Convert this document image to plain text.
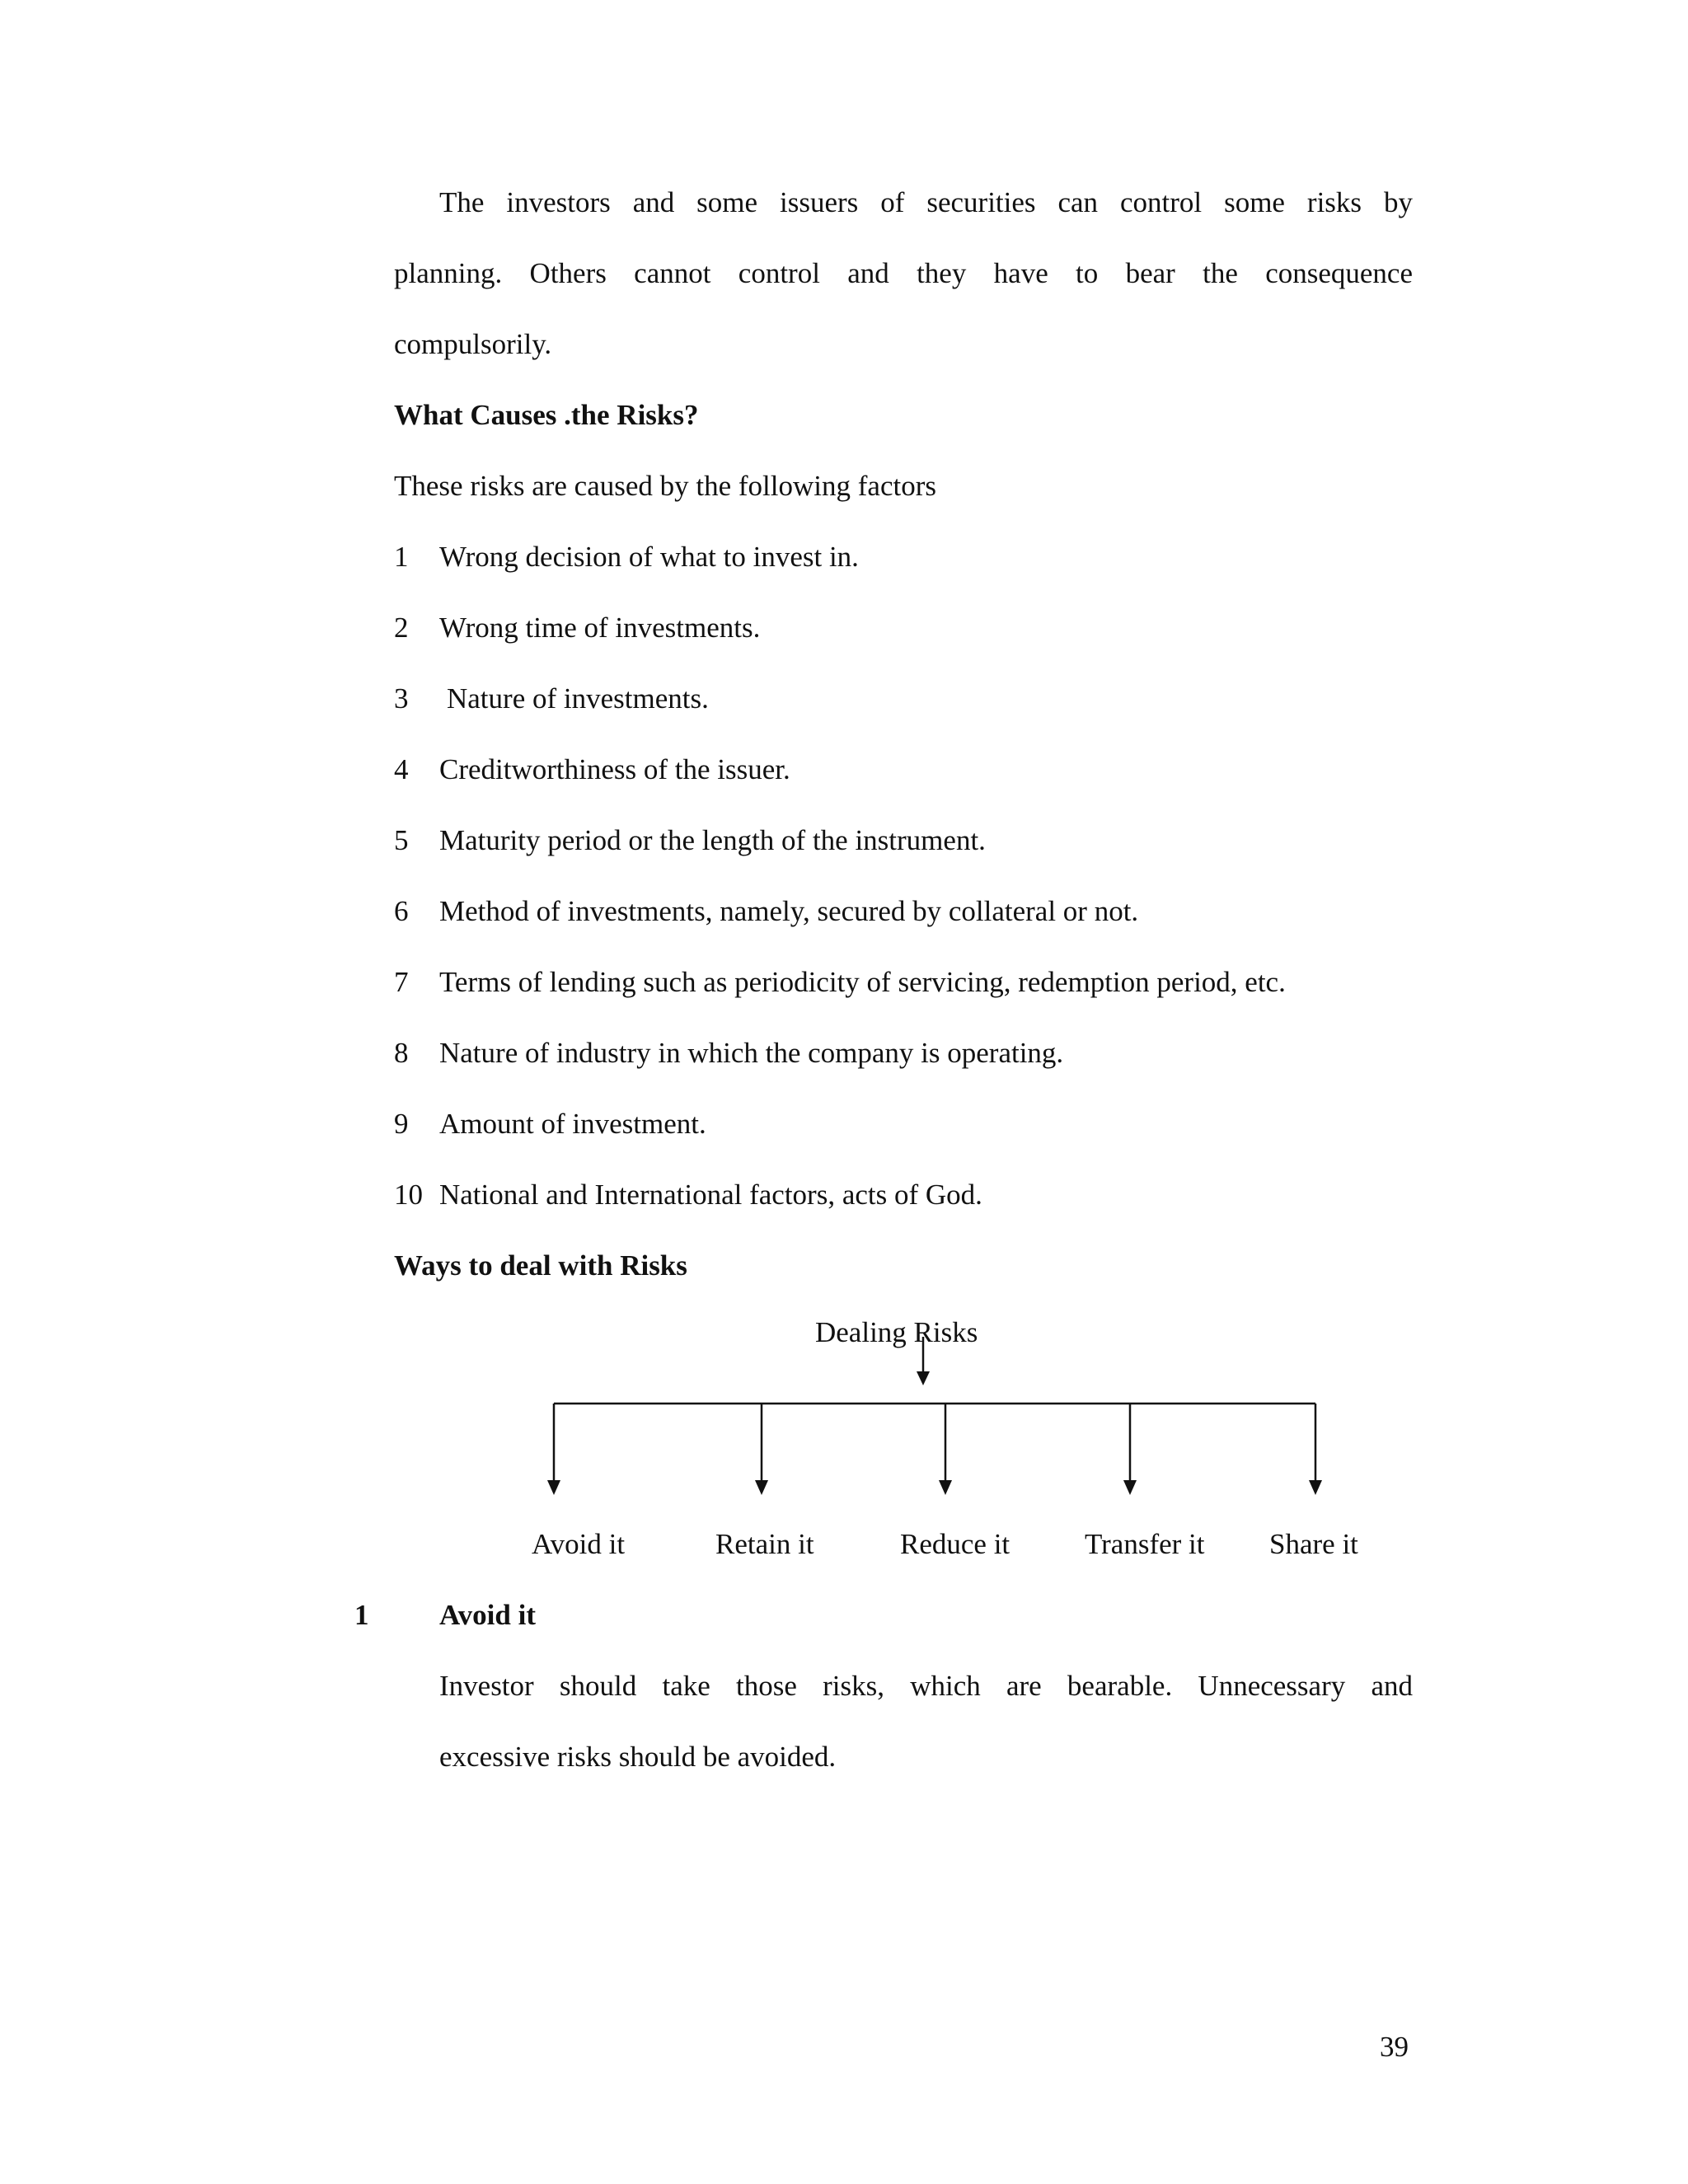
The investors and some issuers of securities can control some risks by
planning. Others cannot control and they have to bear the consequence
compulsorily.
What Causes .the Risks?
These risks are caused by the following factors
1 Wrong decision of what to invest in.
2 Wrong time of investments.
3 Nature of investments.
4 Creditworthiness of the issuer.
5 Maturity period or the length of the instrument.
6 Method of investments, namely, secured by collateral or not.
7 Terms of lending such as periodicity of servicing, redemption period, etc.
8 Nature of industry in which the company is operating.
9 Amount of investment.
10 National and International factors, acts of God.
Ways to deal with Risks
Dealing Risks
Avoid it	Retain it	Reduce it	Transfer it Share it
1 Avoid it
Investor should take those risks, which are bearable. Unnecessary and
excessive risks should be avoided.
39
